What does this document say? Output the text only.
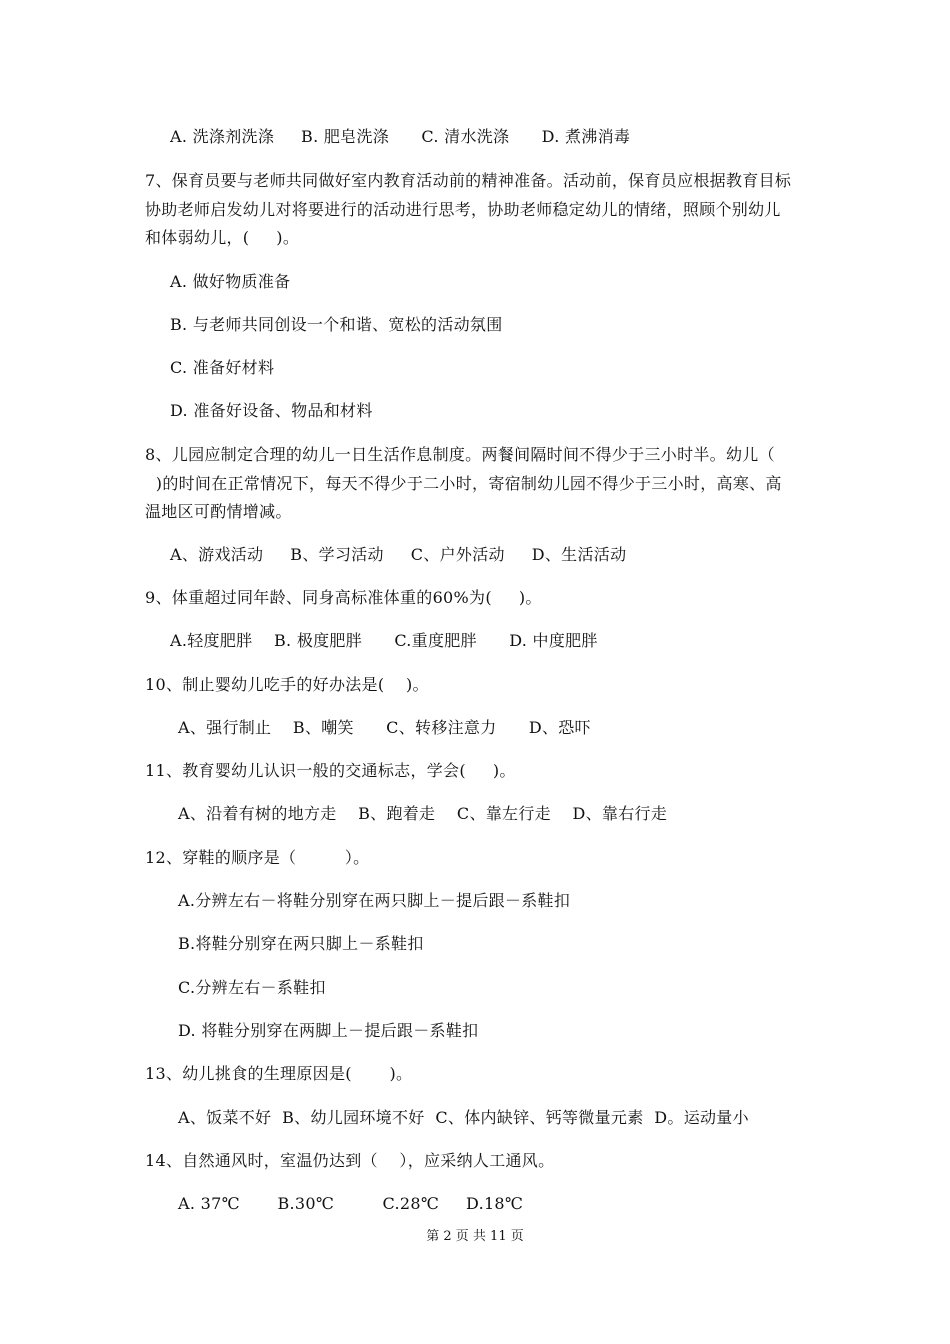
A. 洗涤剂洗涤     B. 肥皂洗涤      C. 清水洗涤      D. 煮沸消毒
7、保育员要与老师共同做好室内教育活动前的精神准备。活动前，保育员应根据教育目标
协助老师启发幼儿对将要进行的活动进行思考，协助老师稳定幼儿的情绪，照顾个别幼儿
和体弱幼儿，(     )。
A. 做好物质准备
B. 与老师共同创设一个和谐、宽松的活动氛围
C. 准备好材料
D. 准备好设备、物品和材料
8、儿园应制定合理的幼儿一日生活作息制度。两餐间隔时间不得少于三小时半。幼儿（
)的时间在正常情况下，每天不得少于二小时，寄宿制幼儿园不得少于三小时，高寒、高
温地区可酌情增减。
A、游戏活动     B、学习活动     C、户外活动     D、生活活动
9、体重超过同年龄、同身高标准体重的60%为(     )。
A.轻度肥胖    B. 极度肥胖      C.重度肥胖      D. 中度肥胖
10、制止婴幼儿吃手的好办法是(    )。
A、强行制止    B、嘲笑      C、转移注意力      D、恐吓
11、教育婴幼儿认识一般的交通标志，学会(     )。
A、沿着有树的地方走    B、跑着走    C、靠左行走    D、靠右行走
12、穿鞋的顺序是（         ）。
A.分辨左右－将鞋分别穿在两只脚上－提后跟－系鞋扣
B.将鞋分别穿在两只脚上－系鞋扣
C.分辨左右－系鞋扣
D. 将鞋分别穿在两脚上－提后跟－系鞋扣
13、幼儿挑食的生理原因是(       )。
A、饭菜不好  B、幼儿园环境不好  C、体内缺锌、钙等微量元素  D。运动量小
14、自然通风时，室温仍达到（    ），应采纳人工通风。
A. 37℃       B.30℃         C.28℃     D.18℃
第 2 页 共 11 页
